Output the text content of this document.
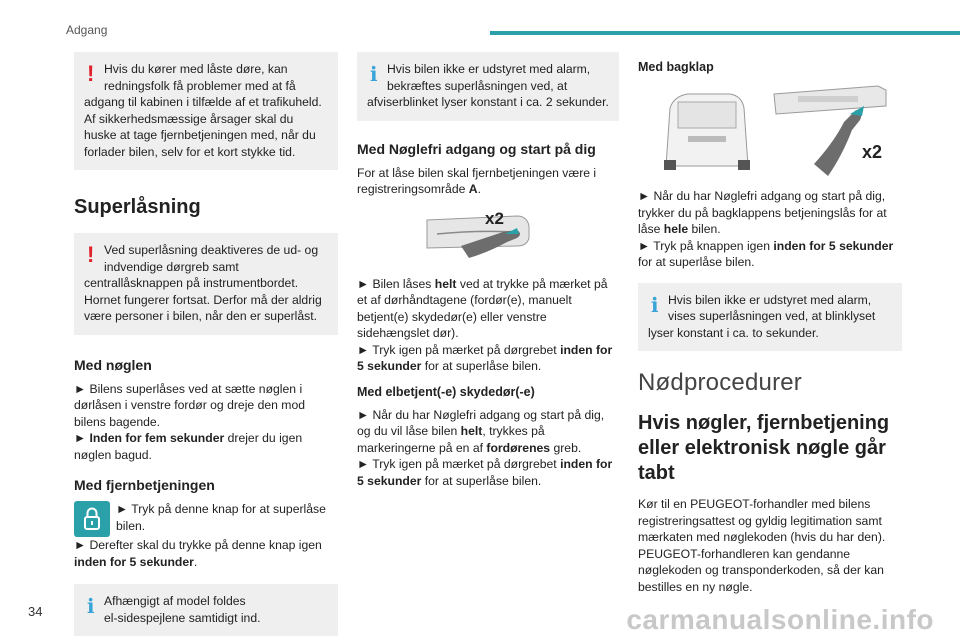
Adgang
! Hvis du kører med låste døre, kan redningsfolk få problemer med at få

adgang til kabinen i tilfælde af et trafikuheld. Af sikkerhedsmæssige årsager skal du huske at tage fjernbetjeningen med, når du forlader bilen, selv for et kort stykke tid.

Superlåsning
! Ved superlåsning deaktiveres de ud- og indvendige dørgreb samt

centrallåsknappen på instrumentbordet. Hornet fungerer fortsat. Derfor må der aldrig være personer i bilen, når den er superlåst.

Med nøglen

► Bilens superlåses ved at sætte nøglen i dørlåsen i venstre fordør og dreje den mod bilens bagende.

► Inden for fem sekunder drejer du igen nøglen bagud.

Med fjernbetjeningen

► Tryk på denne knap for at superlåse bilen.

► Derefter skal du trykke på denne knap igen

inden for 5 sekunder.

ℹ Afhængigt af model foldes

el-sidespejlene samtidigt ind.

ℹ Hvis bilen ikke er udstyret med alarm, bekræftes superlåsningen ved, at

afviserblinket lyser konstant i ca. 2 sekunder.

Med Nøglefri adgang og start på dig

For at låse bilen skal fjernbetjeningen være i registreringsområde A.

x2

► Bilen låses helt ved at trykke på mærket på et af dørhåndtagene (fordør(e), manuelt betjent(e) skydedør(e) eller venstre sidehængslet dør).

► Tryk igen på mærket på dørgrebet inden for 5 sekunder for at superlåse bilen.

Med elbetjent(-e) skydedør(-e)

► Når du har Nøglefri adgang og start på dig, og du vil låse bilen helt, trykkes på markeringerne på en af fordørenes greb.

► Tryk igen på mærket på dørgrebet inden for 5 sekunder for at superlåse bilen.

Med bagklap
x2

► Når du har Nøglefri adgang og start på dig, trykker du på bagklappens betjeningslås for at låse hele bilen.

► Tryk på knappen igen inden for 5 sekunder for at superlåse bilen.

ℹ Hvis bilen ikke er udstyret med alarm, vises superlåsningen ved, at blinklyset

lyser konstant i ca. to sekunder.

Nødprocedurer
Hvis nøgler, fjernbetjening eller elektronisk nøgle går tabt

Kør til en PEUGEOT-forhandler med bilens registreringsattest og gyldig legitimation samt mærkaten med nøglekoden (hvis du har den). PEUGEOT-forhandleren kan gendanne nøglekoden og transponderkoden, så der kan bestilles en ny nøgle.

34	carmanualsonline.info
